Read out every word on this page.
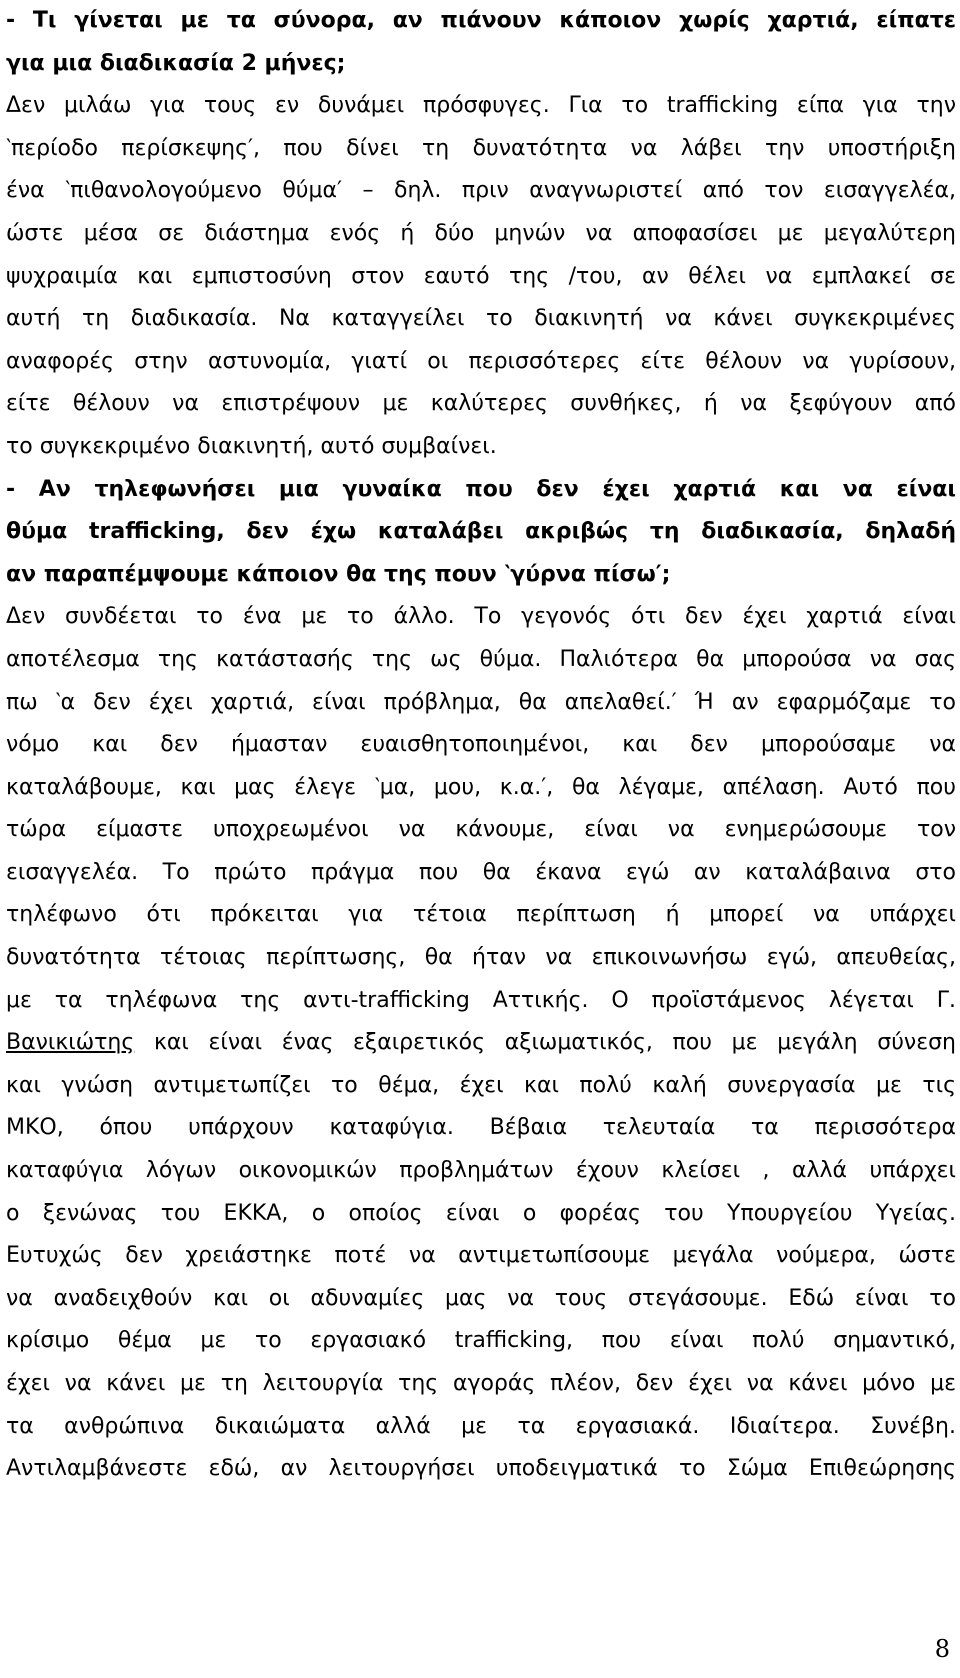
- Τι γίνεται με τα σύνορα, αν πιάνουν κάποιον χωρίς χαρτιά, είπατε
για μια διαδικασία 2 μήνες;
Δεν μιλάω για τους εν δυνάμει πρόσφυγες. Για το trafficking είπα για την
‵περίοδο περίσκεψης′, που δίνει τη δυνατότητα να λάβει την υποστήριξη
ένα ‵πιθανολογούμενο θύμα′ – δηλ. πριν αναγνωριστεί από τον εισαγγελέα,
ώστε μέσα σε διάστημα ενός ή δύο μηνών να αποφασίσει με μεγαλύτερη
ψυχραιμία και εμπιστοσύνη στον εαυτό της /του, αν θέλει να εμπλακεί σε
αυτή τη διαδικασία. Να καταγγείλει το διακινητή να κάνει συγκεκριμένες
αναφορές στην αστυνομία, γιατί οι περισσότερες είτε θέλουν να γυρίσουν,
είτε θέλουν να επιστρέψουν με καλύτερες συνθήκες, ή να ξεφύγουν από
το συγκεκριμένο διακινητή, αυτό συμβαίνει.
- Αν τηλεφωνήσει μια γυναίκα που δεν έχει χαρτιά και να είναι
θύμα trafficking, δεν έχω καταλάβει ακριβώς τη διαδικασία, δηλαδή
αν παραπέμψουμε κάποιον θα της πουν ‵γύρνα πίσω′;
Δεν συνδέεται το ένα με το άλλο. Το γεγονός ότι δεν έχει χαρτιά είναι
αποτέλεσμα της κατάστασής της ως θύμα. Παλιότερα θα μπορούσα να σας
πω ‵α δεν έχει χαρτιά, είναι πρόβλημα, θα απελαθεί.′ Ή αν εφαρμόζαμε το
νόμο και δεν ήμασταν ευαισθητοποιημένοι, και δεν μπορούσαμε να
καταλάβουμε, και μας έλεγε ‵μα, μου, κ.α.′, θα λέγαμε, απέλαση. Αυτό που
τώρα είμαστε υποχρεωμένοι να κάνουμε, είναι να ενημερώσουμε τον
εισαγγελέα. Το πρώτο πράγμα που θα έκανα εγώ αν καταλάβαινα στο
τηλέφωνο ότι πρόκειται για τέτοια περίπτωση ή μπορεί να υπάρχει
δυνατότητα τέτοιας περίπτωσης, θα ήταν να επικοινωνήσω εγώ, απευθείας,
με τα τηλέφωνα της αντι-trafficking Αττικής. Ο προϊστάμενος λέγεται Γ.
Βανικιώτης και είναι ένας εξαιρετικός αξιωματικός, που με μεγάλη σύνεση
και γνώση αντιμετωπίζει το θέμα, έχει και πολύ καλή συνεργασία με τις
ΜΚΟ, όπου υπάρχουν καταφύγια. Βέβαια τελευταία τα περισσότερα
καταφύγια λόγων οικονομικών προβλημάτων έχουν κλείσει , αλλά υπάρχει
ο ξενώνας του ΕΚΚΑ, ο οποίος είναι ο φορέας του Υπουργείου Υγείας.
Ευτυχώς δεν χρειάστηκε ποτέ να αντιμετωπίσουμε μεγάλα νούμερα, ώστε
να αναδειχθούν και οι αδυναμίες μας να τους στεγάσουμε. Εδώ είναι το
κρίσιμο θέμα με το εργασιακό trafficking, που είναι πολύ σημαντικό,
έχει να κάνει με τη λειτουργία της αγοράς πλέον, δεν έχει να κάνει μόνο με
τα ανθρώπινα δικαιώματα αλλά με τα εργασιακά. Ιδιαίτερα. Συνέβη.
Αντιλαμβάνεστε εδώ, αν λειτουργήσει υποδειγματικά το Σώμα Επιθεώρησης
8
